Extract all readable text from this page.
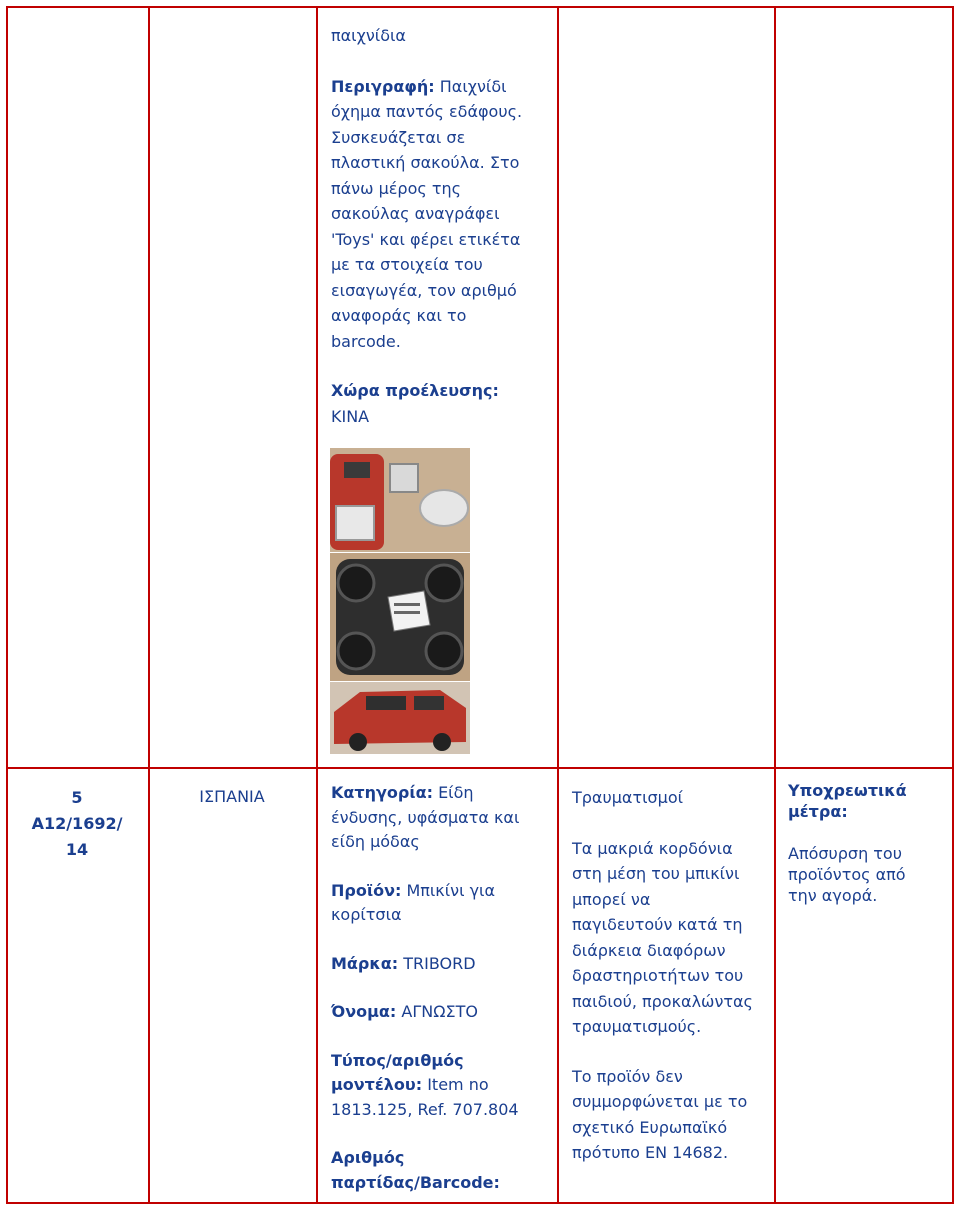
παιχνίδια

Περιγραφή: Παιχνίδι
όχημα παντός εδάφους.
Συσκευάζεται σε
πλαστική σακούλα. Στο
πάνω μέρος της
σακούλας αναγράφει
'Toys' και φέρει ετικέτα
με τα στοιχεία του
εισαγωγέα, τον αριθμό
αναφοράς και το
barcode.

Χώρα προέλευσης:
ΚΙΝΑ

5
A12/1692/
14
ΙΣΠΑΝΙΑ	Κατηγορία: Είδη
ένδυσης, υφάσματα και
είδη μόδας

Προϊόν: Μπικίνι για
κορίτσια

Μάρκα: TRIBORD

Όνομα: ΑΓΝΩΣΤΟ

Τύπος/αριθμός
μοντέλου: Item no
1813.125, Ref. 707.804

Αριθμός
παρτίδας/Barcode:

Τραυματισμοί

Τα μακριά κορδόνια
στη μέση του μπικίνι
μπορεί να
παγιδευτούν κατά τη
διάρκεια διαφόρων
δραστηριοτήτων του
παιδιού, προκαλώντας
τραυματισμούς.

Το προϊόν δεν
συμμορφώνεται με το
σχετικό Ευρωπαϊκό
πρότυπο EN 14682.

Υποχρεωτικά
μέτρα:

Απόσυρση του
προϊόντος από
την αγορά.
